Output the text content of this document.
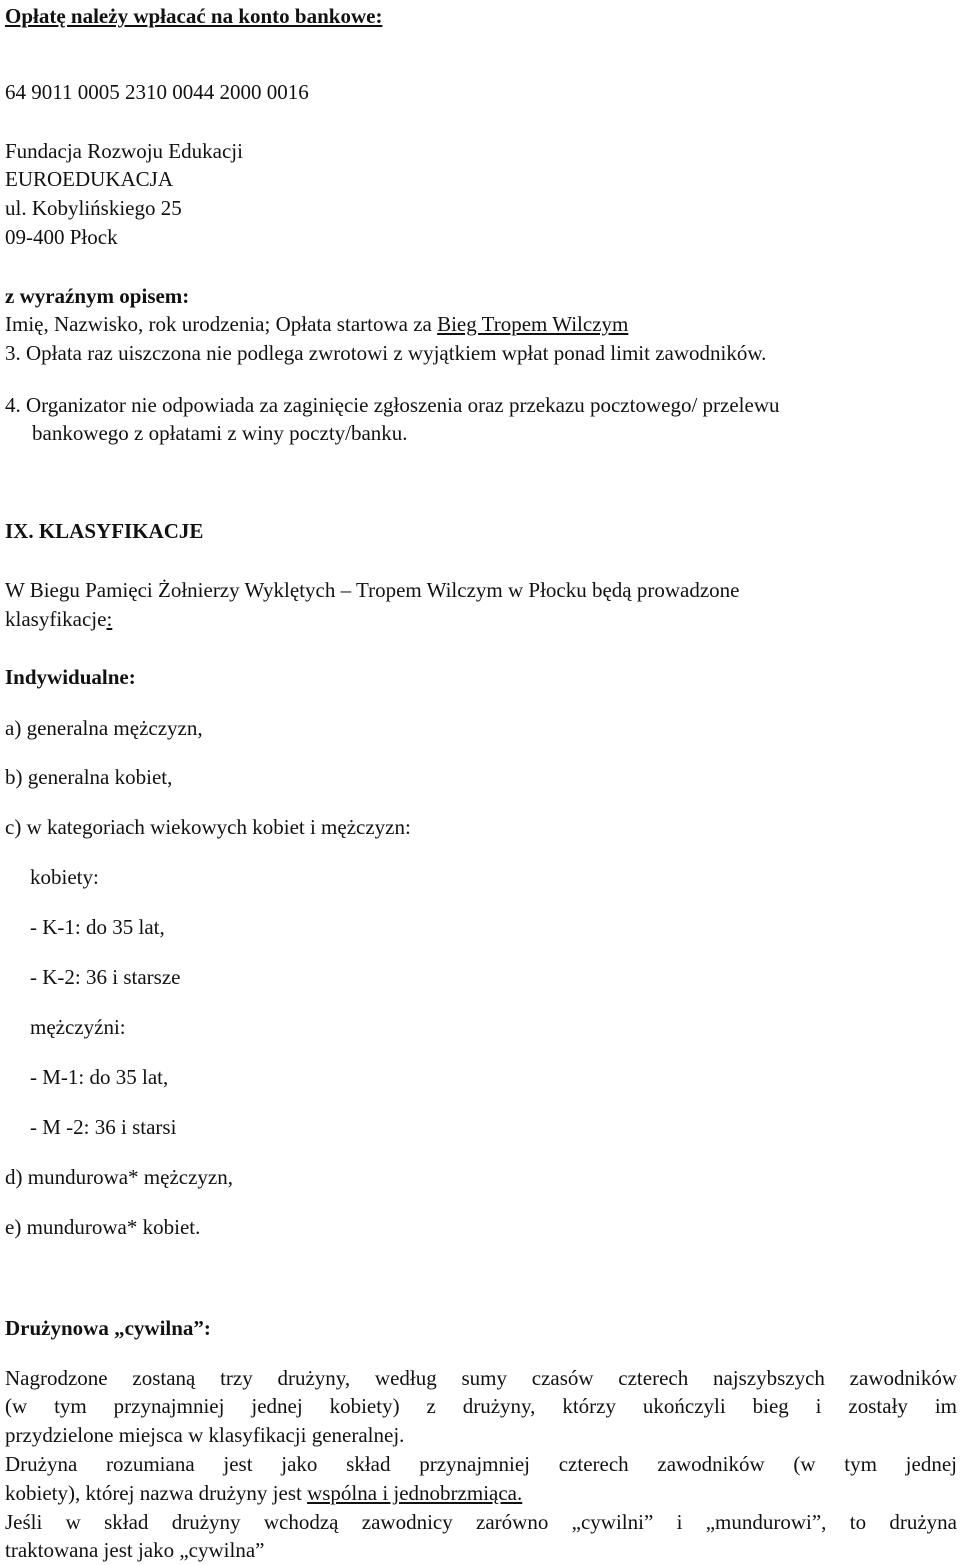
Opłatę należy wpłacać na konto bankowe:
64 9011 0005 2310 0044 2000 0016
Fundacja Rozwoju Edukacji
EUROEDUKACJA
ul. Kobylińskiego 25
09-400 Płock
z wyraźnym opisem:
Imię, Nazwisko, rok urodzenia; Opłata startowa za Bieg Tropem Wilczym
3. Opłata raz uiszczona nie podlega zwrotowi z wyjątkiem wpłat ponad limit zawodników.
4. Organizator nie odpowiada za zaginięcie zgłoszenia oraz przekazu pocztowego/ przelewu
bankowego z opłatami z winy poczty/banku.
IX. KLASYFIKACJE
W Biegu Pamięci Żołnierzy Wyklętych – Tropem Wilczym w Płocku będą prowadzone
klasyfikacje:
Indywidualne:
a) generalna mężczyzn,
b) generalna kobiet,
c) w kategoriach wiekowych kobiet i mężczyzn:
kobiety:
- K-1: do 35 lat,
- K-2: 36 i starsze
mężczyźni:
- M-1: do 35 lat,
- M -2: 36 i starsi
d) mundurowa* mężczyzn,
e) mundurowa* kobiet.
Drużynowa „cywilna”:
Nagrodzone zostaną trzy drużyny, według sumy czasów czterech najszybszych zawodników
(w tym przynajmniej jednej kobiety) z drużyny, którzy ukończyli bieg i zostały im
przydzielone miejsca w klasyfikacji generalnej.
Drużyna rozumiana jest jako skład przynajmniej czterech zawodników (w tym jednej
kobiety), której nazwa drużyny jest wspólna i jednobrzmiąca.
Jeśli w skład drużyny wchodzą zawodnicy zarówno „cywilni” i „mundurowi”, to drużyna
traktowana jest jako „cywilna”
